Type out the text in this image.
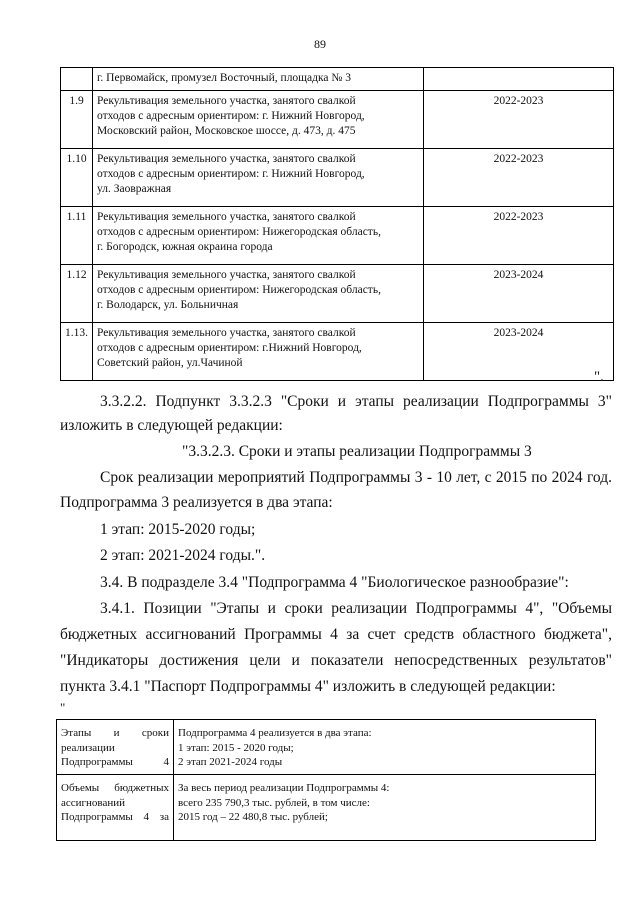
89

	г. Первомайск, промузел Восточный, площадка № 3	

1.9	Рекультивация земельного участка, занятого свалкой
отходов с адресным ориентиром: г. Нижний Новгород,
Московский район, Московское шоссе, д. 473, д. 475	2022-2023
1.10	Рекультивация земельного участка, занятого свалкой
отходов с адресным ориентиром: г. Нижний Новгород,
ул. Заовражная	2022-2023
1.11	Рекультивация земельного участка, занятого свалкой
отходов с адресным ориентиром: Нижегородская область,
г. Богородск, южная окраина города	2022-2023
1.12	Рекультивация земельного участка, занятого свалкой
отходов с адресным ориентиром: Нижегородская область,
г. Володарск, ул. Больничная	2023-2024
1.13.	Рекультивация земельного участка, занятого свалкой
отходов с адресным ориентиром: г.Нижний Новгород,
Советский район, ул.Чачиной	2023-2024
".
3.3.2.2. Подпункт 3.3.2.3 "Сроки и этапы реализации Подпрограммы 3"
изложить в следующей редакции:
"3.3.2.3. Сроки и этапы реализации Подпрограммы 3
Срок реализации мероприятий Подпрограммы 3 - 10 лет, с 2015 по 2024 год.
Подпрограмма 3 реализуется в два этапа:
1 этап: 2015-2020 годы;
2 этап: 2021-2024 годы.".
3.4. В подразделе 3.4 "Подпрограмма 4 "Биологическое разнообразие":
3.4.1. Позиции "Этапы и сроки реализации Подпрограммы 4", "Объемы
бюджетных ассигнований Программы 4 за счет средств областного бюджета",
"Индикаторы достижения цели и показатели непосредственных результатов"
пункта 3.4.1 "Паспорт Подпрограммы 4" изложить в следующей редакции:
"
Этапы и сроки
реализации
Подпрограммы 4	Подпрограмма 4 реализуется в два этапа:
1 этап: 2015 - 2020 годы;
2 этап 2021-2024 годы

Объемы бюджетных
ассигнований
Подпрограммы 4 за	За весь период реализации Подпрограммы 4:
всего 235 790,3 тыс. рублей, в том числе:
2015 год – 22 480,8 тыс. рублей;
